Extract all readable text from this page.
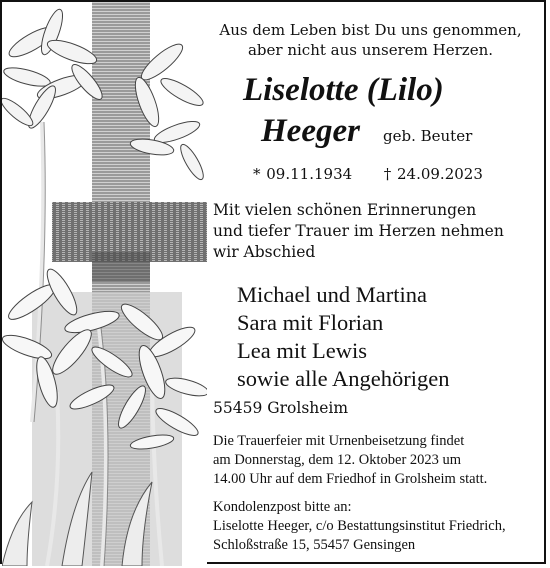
Aus dem Leben bist Du uns genommen,
aber nicht aus unserem Herzen.
Liselotte (Lilo)
Heeger geb. Beuter
* 09.11.1934 † 24.09.2023
Mit vielen schönen Erinnerungen
und tiefer Trauer im Herzen nehmen
wir Abschied
Michael und Martina
Sara mit Florian
Lea mit Lewis
sowie alle Angehörigen
55459 Grolsheim
Die Trauerfeier mit Urnenbeisetzung findet
am Donnerstag, dem 12. Oktober 2023 um
14.00 Uhr auf dem Friedhof in Grolsheim statt.
Kondolenzpost bitte an:
Liselotte Heeger, c/o Bestattungsinstitut Friedrich,
Schloßstraße 15, 55457 Gensingen
